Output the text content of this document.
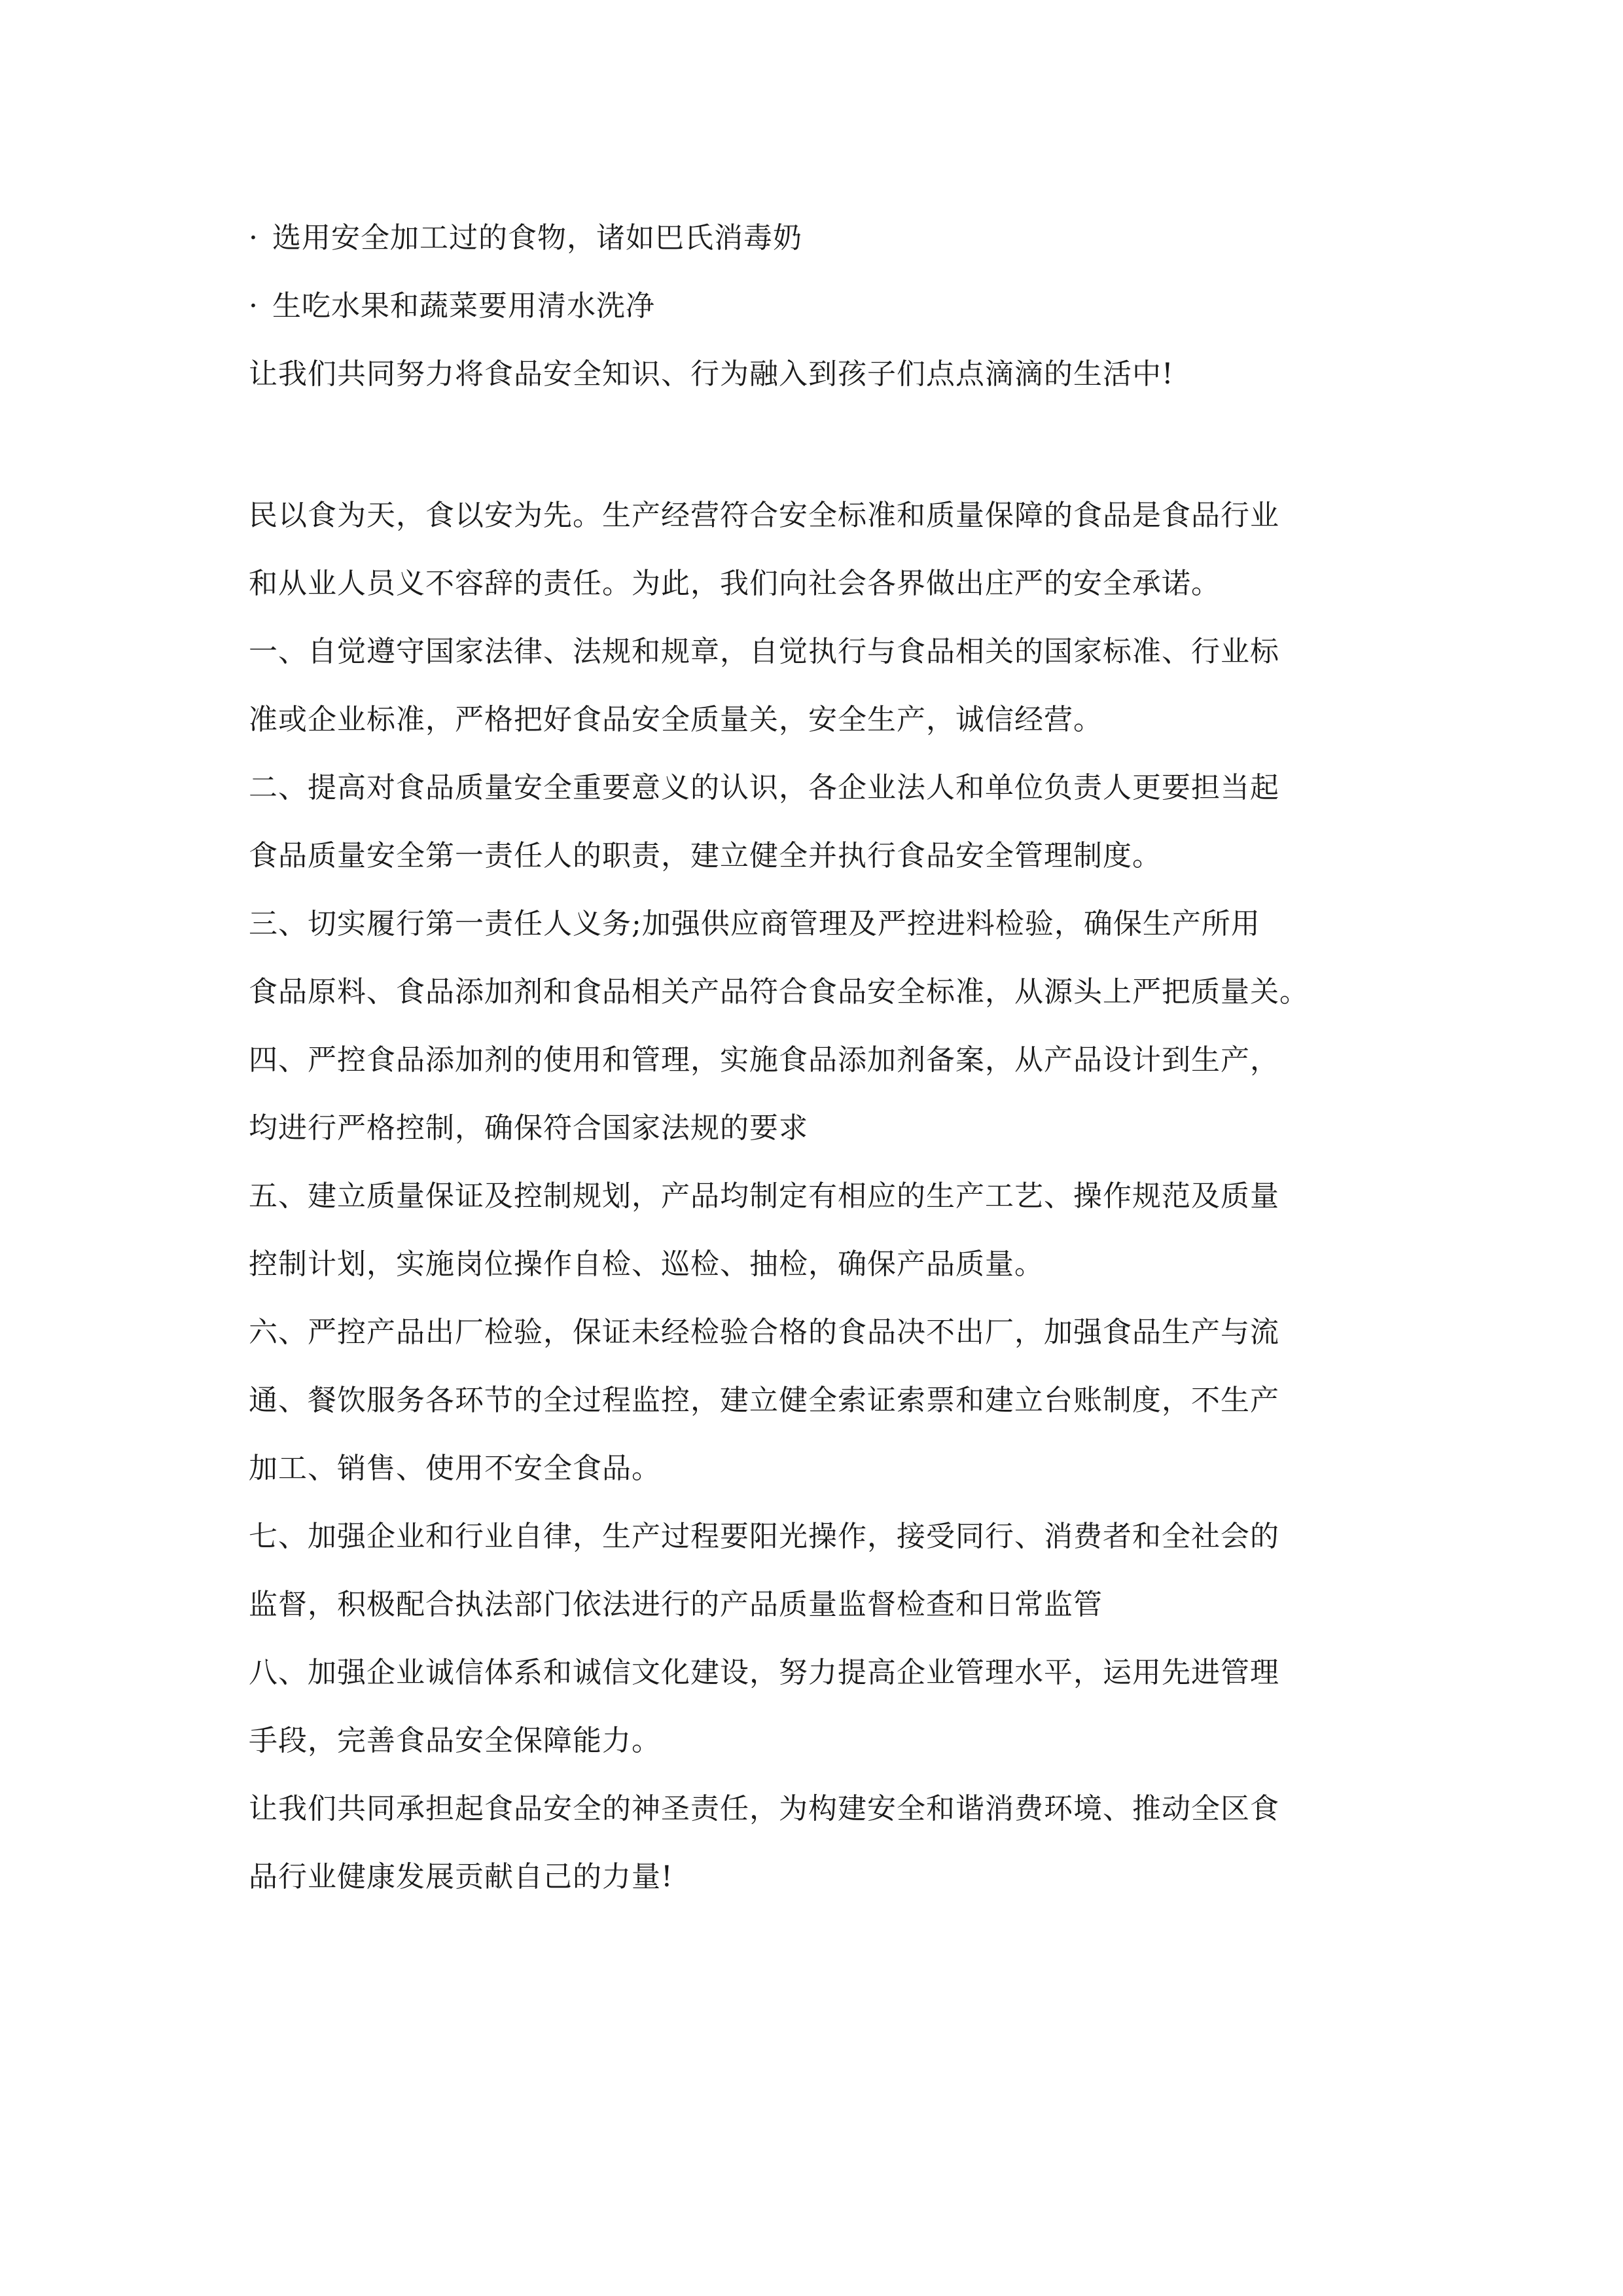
· 选用安全加工过的食物，诸如巴氏消毒奶
· 生吃水果和蔬菜要用清水洗净
让我们共同努力将食品安全知识、行为融入到孩子们点点滴滴的生活中!
民以食为天，食以安为先。生产经营符合安全标准和质量保障的食品是食品行业
和从业人员义不容辞的责任。为此，我们向社会各界做出庄严的安全承诺。
一、自觉遵守国家法律、法规和规章，自觉执行与食品相关的国家标准、行业标
准或企业标准，严格把好食品安全质量关，安全生产，诚信经营。
二、提高对食品质量安全重要意义的认识，各企业法人和单位负责人更要担当起
食品质量安全第一责任人的职责，建立健全并执行食品安全管理制度。
三、切实履行第一责任人义务;加强供应商管理及严控进料检验，确保生产所用
食品原料、食品添加剂和食品相关产品符合食品安全标准，从源头上严把质量关。
四、严控食品添加剂的使用和管理，实施食品添加剂备案，从产品设计到生产，
均进行严格控制，确保符合国家法规的要求
五、建立质量保证及控制规划，产品均制定有相应的生产工艺、操作规范及质量
控制计划，实施岗位操作自检、巡检、抽检，确保产品质量。
六、严控产品出厂检验，保证未经检验合格的食品决不出厂，加强食品生产与流
通、餐饮服务各环节的全过程监控，建立健全索证索票和建立台账制度，不生产
加工、销售、使用不安全食品。
七、加强企业和行业自律，生产过程要阳光操作，接受同行、消费者和全社会的
监督，积极配合执法部门依法进行的产品质量监督检查和日常监管
八、加强企业诚信体系和诚信文化建设，努力提高企业管理水平，运用先进管理
手段，完善食品安全保障能力。
让我们共同承担起食品安全的神圣责任，为构建安全和谐消费环境、推动全区食
品行业健康发展贡献自己的力量!
